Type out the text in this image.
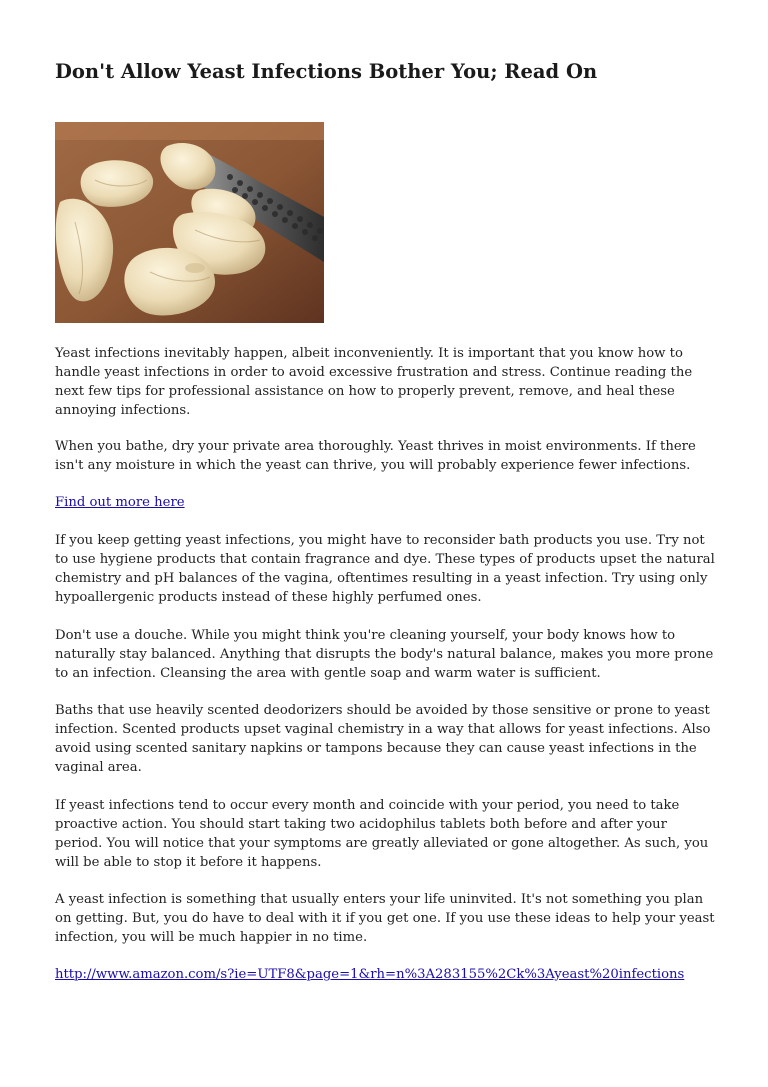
Don't Allow Yeast Infections Bother You; Read On

Yeast infections inevitably happen, albeit inconveniently. It is important that you know how to handle yeast infections in order to avoid excessive frustration and stress. Continue reading the next few tips for professional assistance on how to properly prevent, remove, and heal these annoying infections.

When you bathe, dry your private area thoroughly. Yeast thrives in moist environments. If there isn't any moisture in which the yeast can thrive, you will probably experience fewer infections.

Find out more here

If you keep getting yeast infections, you might have to reconsider bath products you use. Try not to use hygiene products that contain fragrance and dye. These types of products upset the natural chemistry and pH balances of the vagina, oftentimes resulting in a yeast infection. Try using only hypoallergenic products instead of these highly perfumed ones.

Don't use a douche. While you might think you're cleaning yourself, your body knows how to naturally stay balanced. Anything that disrupts the body's natural balance, makes you more prone to an infection. Cleansing the area with gentle soap and warm water is sufficient.

Baths that use heavily scented deodorizers should be avoided by those sensitive or prone to yeast infection. Scented products upset vaginal chemistry in a way that allows for yeast infections. Also avoid using scented sanitary napkins or tampons because they can cause yeast infections in the vaginal area.

If yeast infections tend to occur every month and coincide with your period, you need to take proactive action. You should start taking two acidophilus tablets both before and after your period. You will notice that your symptoms are greatly alleviated or gone altogether. As such, you will be able to stop it before it happens.

A yeast infection is something that usually enters your life uninvited. It's not something you plan on getting. But, you do have to deal with it if you get one. If you use these ideas to help your yeast infection, you will be much happier in no time.

http://www.amazon.com/s?ie=UTF8&page=1&rh=n%3A283155%2Ck%3Ayeast%20infections
